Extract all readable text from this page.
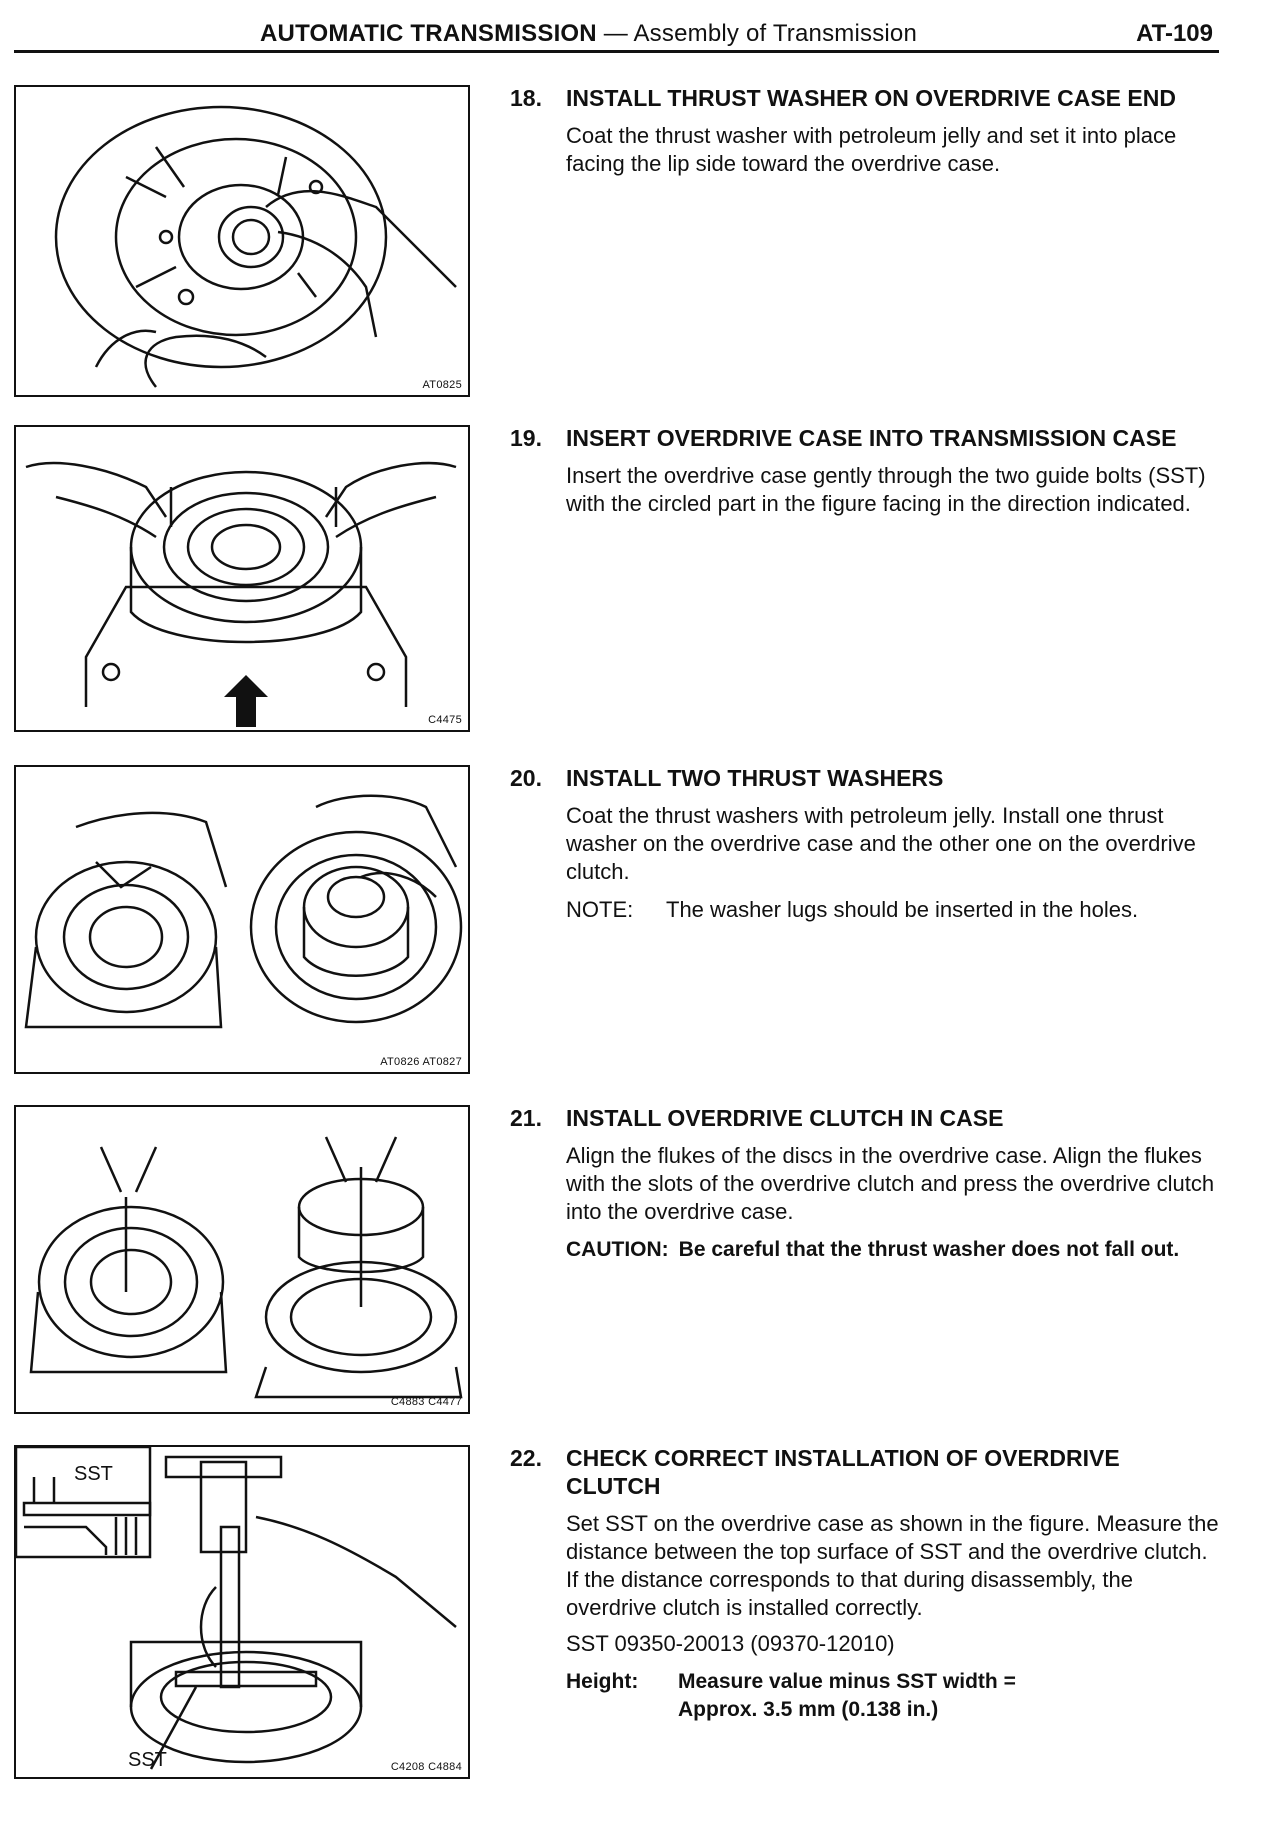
AUTOMATIC TRANSMISSION — Assembly of Transmission	AT-109
AT0825
C4475
AT0826 AT0827
C4883 C4477
SST
SST	C4208 C4884
18. INSTALL THRUST WASHER ON OVERDRIVE CASE END
Coat the thrust washer with petroleum jelly and set it into place facing the lip side toward the overdrive case.
19. INSERT OVERDRIVE CASE INTO TRANSMISSION CASE
Insert the overdrive case gently through the two guide bolts (SST) with the circled part in the figure facing in the direction indicated.
20. INSTALL TWO THRUST WASHERS
Coat the thrust washers with petroleum jelly. Install one thrust washer on the overdrive case and the other one on the overdrive clutch.
NOTE:	The washer lugs should be inserted in the holes.
21. INSTALL OVERDRIVE CLUTCH IN CASE
Align the flukes of the discs in the overdrive case. Align the flukes with the slots of the overdrive clutch and press the overdrive clutch into the overdrive case.
CAUTION: Be careful that the thrust washer does not fall out.
22. CHECK CORRECT INSTALLATION OF OVERDRIVE CLUTCH
Set SST on the overdrive case as shown in the figure. Measure the distance between the top surface of SST and the overdrive clutch. If the distance corresponds to that during disassembly, the overdrive clutch is installed correctly.
SST 09350-20013 (09370-12010)
Height:	Measure value minus SST width =
Approx. 3.5 mm (0.138 in.)
